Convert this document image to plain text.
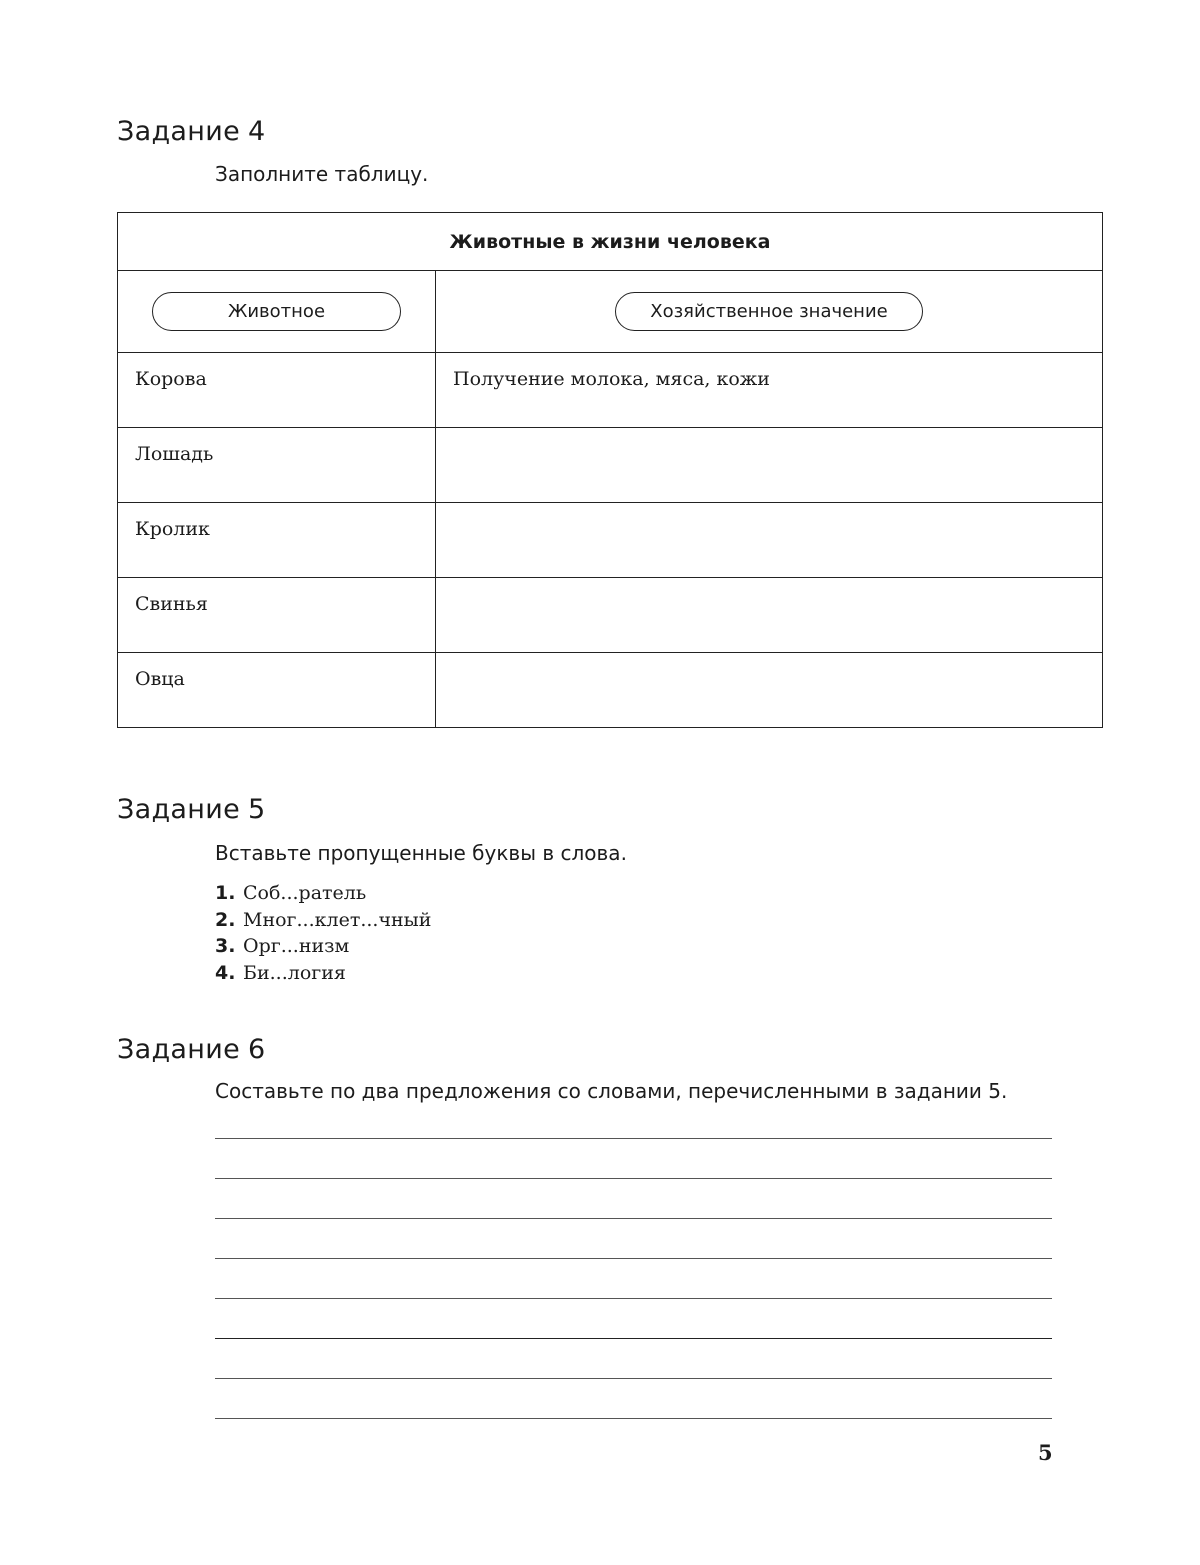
Задание 4

Заполните таблицу.

Животные в жизни человека	
Животное	Хозяйственное значение
Корова	Получение молока, мяса, кожи
Лошадь	
Кролик	
Свинья	
Овца	
Задание 5

Вставьте пропущенные буквы в слова.

1. Соб...ратель
2. Мног...клет...чный
3. Орг...низм
4. Би...логия
Задание 6

Составьте по два предложения со словами, перечисленными в задании 5.

5
